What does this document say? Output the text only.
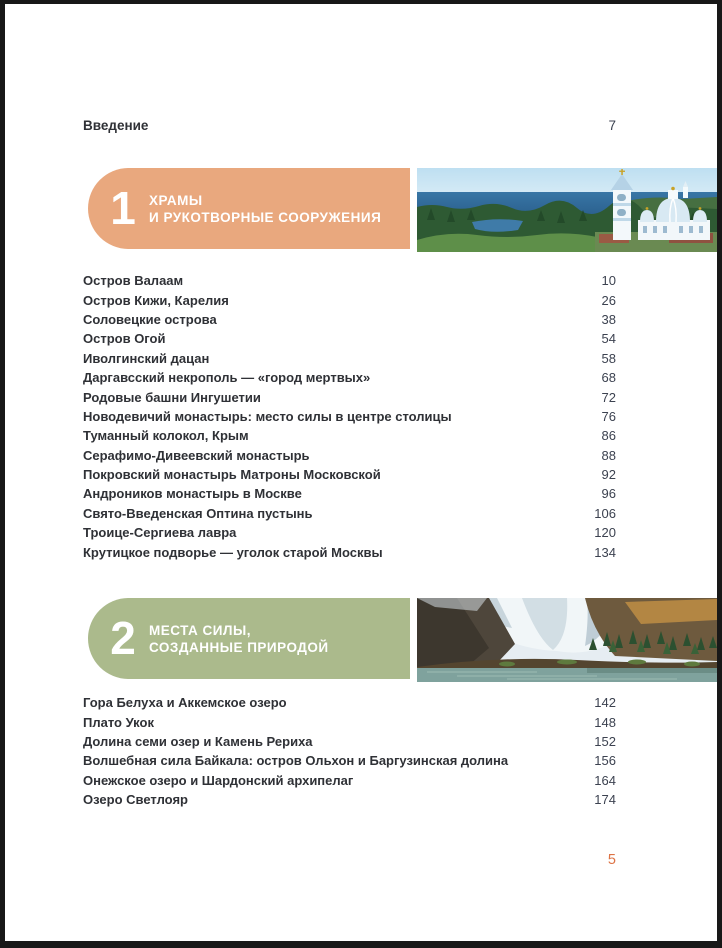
Введение	7
1 ХРАМЫ
И РУКОТВОРНЫЕ СООРУЖЕНИЯ
Остров Валаам	10
Остров Кижи, Карелия	26
Соловецкие острова	38
Остров Огой	54
Иволгинский дацан	58
Даргавсский некрополь — «город мертвых»	68
Родовые башни Ингушетии	72
Новодевичий монастырь: место силы в центре столицы	76
Туманный колокол, Крым	86
Серафимо-Дивеевский монастырь	88
Покровский монастырь Матроны Московской	92
Андроников монастырь в Москве	96
Свято-Введенская Оптина пустынь	106
Троице-Сергиева лавра	120
Крутицкое подворье — уголок старой Москвы	134
2 МЕСТА СИЛЫ,
СОЗДАННЫЕ ПРИРОДОЙ
Гора Белуха и Аккемское озеро	142
Плато Укок	148
Долина семи озер и Камень Рериха	152
Волшебная сила Байкала: остров Ольхон и Баргузинская долина	156
Онежское озеро и Шардонский архипелаг	164
Озеро Светлояр	174
5
